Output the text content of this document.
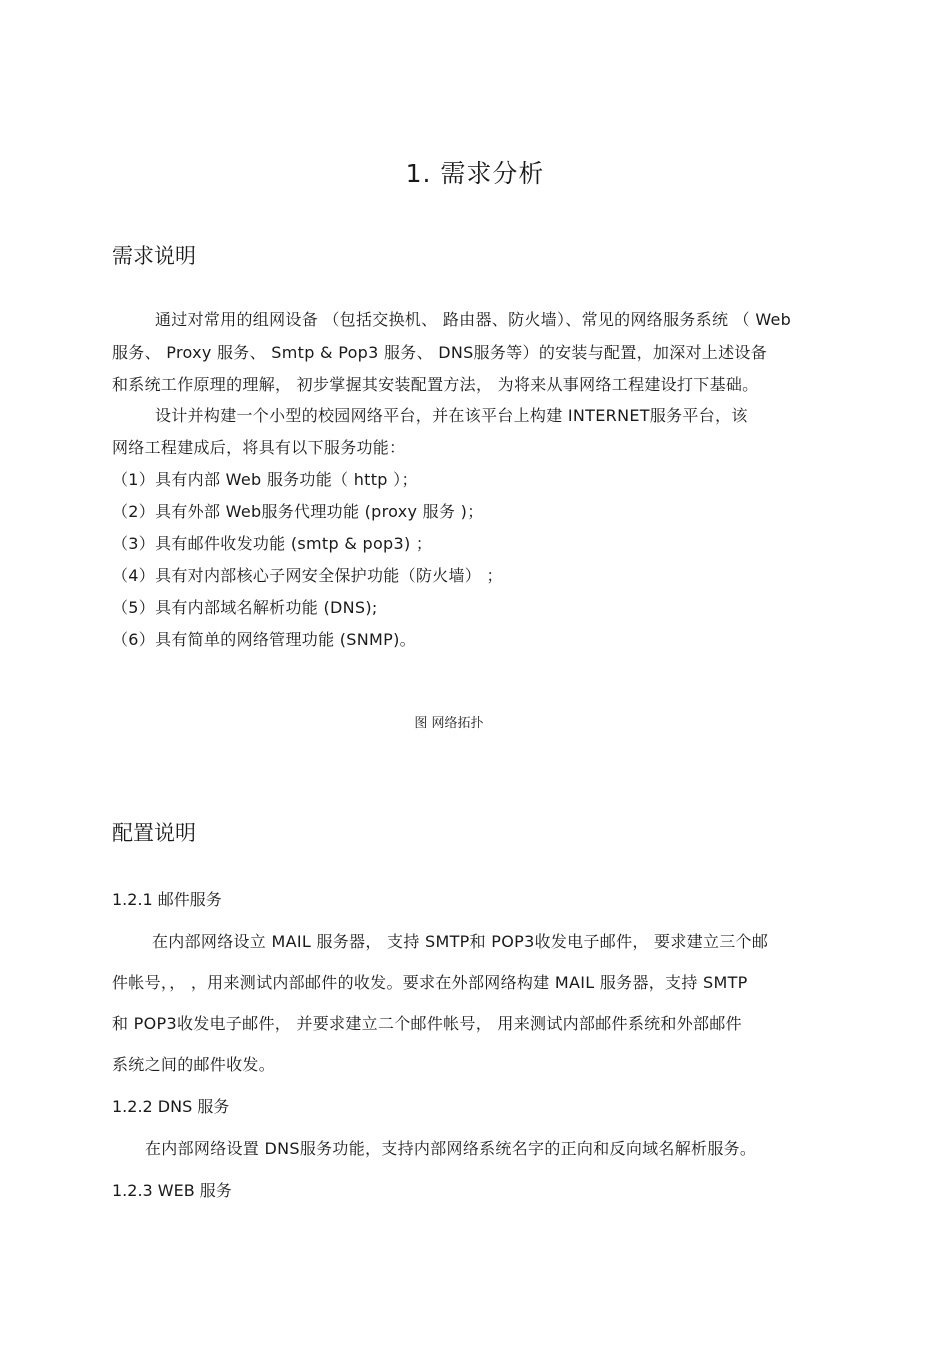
1. 需求分析
需求说明
通过对常用的组网设备 （包括交换机、 路由器、防火墙）、常见的网络服务系统 （ Web
服务、 Proxy 服务、 Smtp & Pop3 服务、 DNS服务等）的安装与配置，加深对上述设备
和系统工作原理的理解， 初步掌握其安装配置方法， 为将来从事网络工程建设打下基础。
设计并构建一个小型的校园网络平台，并在该平台上构建 INTERNET服务平台，该
网络工程建成后，将具有以下服务功能：
（1）具有内部 Web 服务功能（ http ）；
（2）具有外部 Web服务代理功能 (proxy 服务 )；
（3）具有邮件收发功能 (smtp & pop3) ；
（4）具有对内部核心子网安全保护功能（防火墙） ；
（5）具有内部域名解析功能 (DNS);
（6）具有简单的网络管理功能 (SNMP)。
图 网络拓扑
配置说明
1.2.1 邮件服务
在内部网络设立 MAIL 服务器， 支持 SMTP和 POP3收发电子邮件， 要求建立三个邮
件帐号，， ，用来测试内部邮件的收发。要求在外部网络构建 MAIL 服务器，支持 SMTP
和 POP3收发电子邮件， 并要求建立二个邮件帐号， 用来测试内部邮件系统和外部邮件
系统之间的邮件收发。
1.2.2 DNS 服务
在内部网络设置 DNS服务功能，支持内部网络系统名字的正向和反向域名解析服务。
1.2.3 WEB 服务
